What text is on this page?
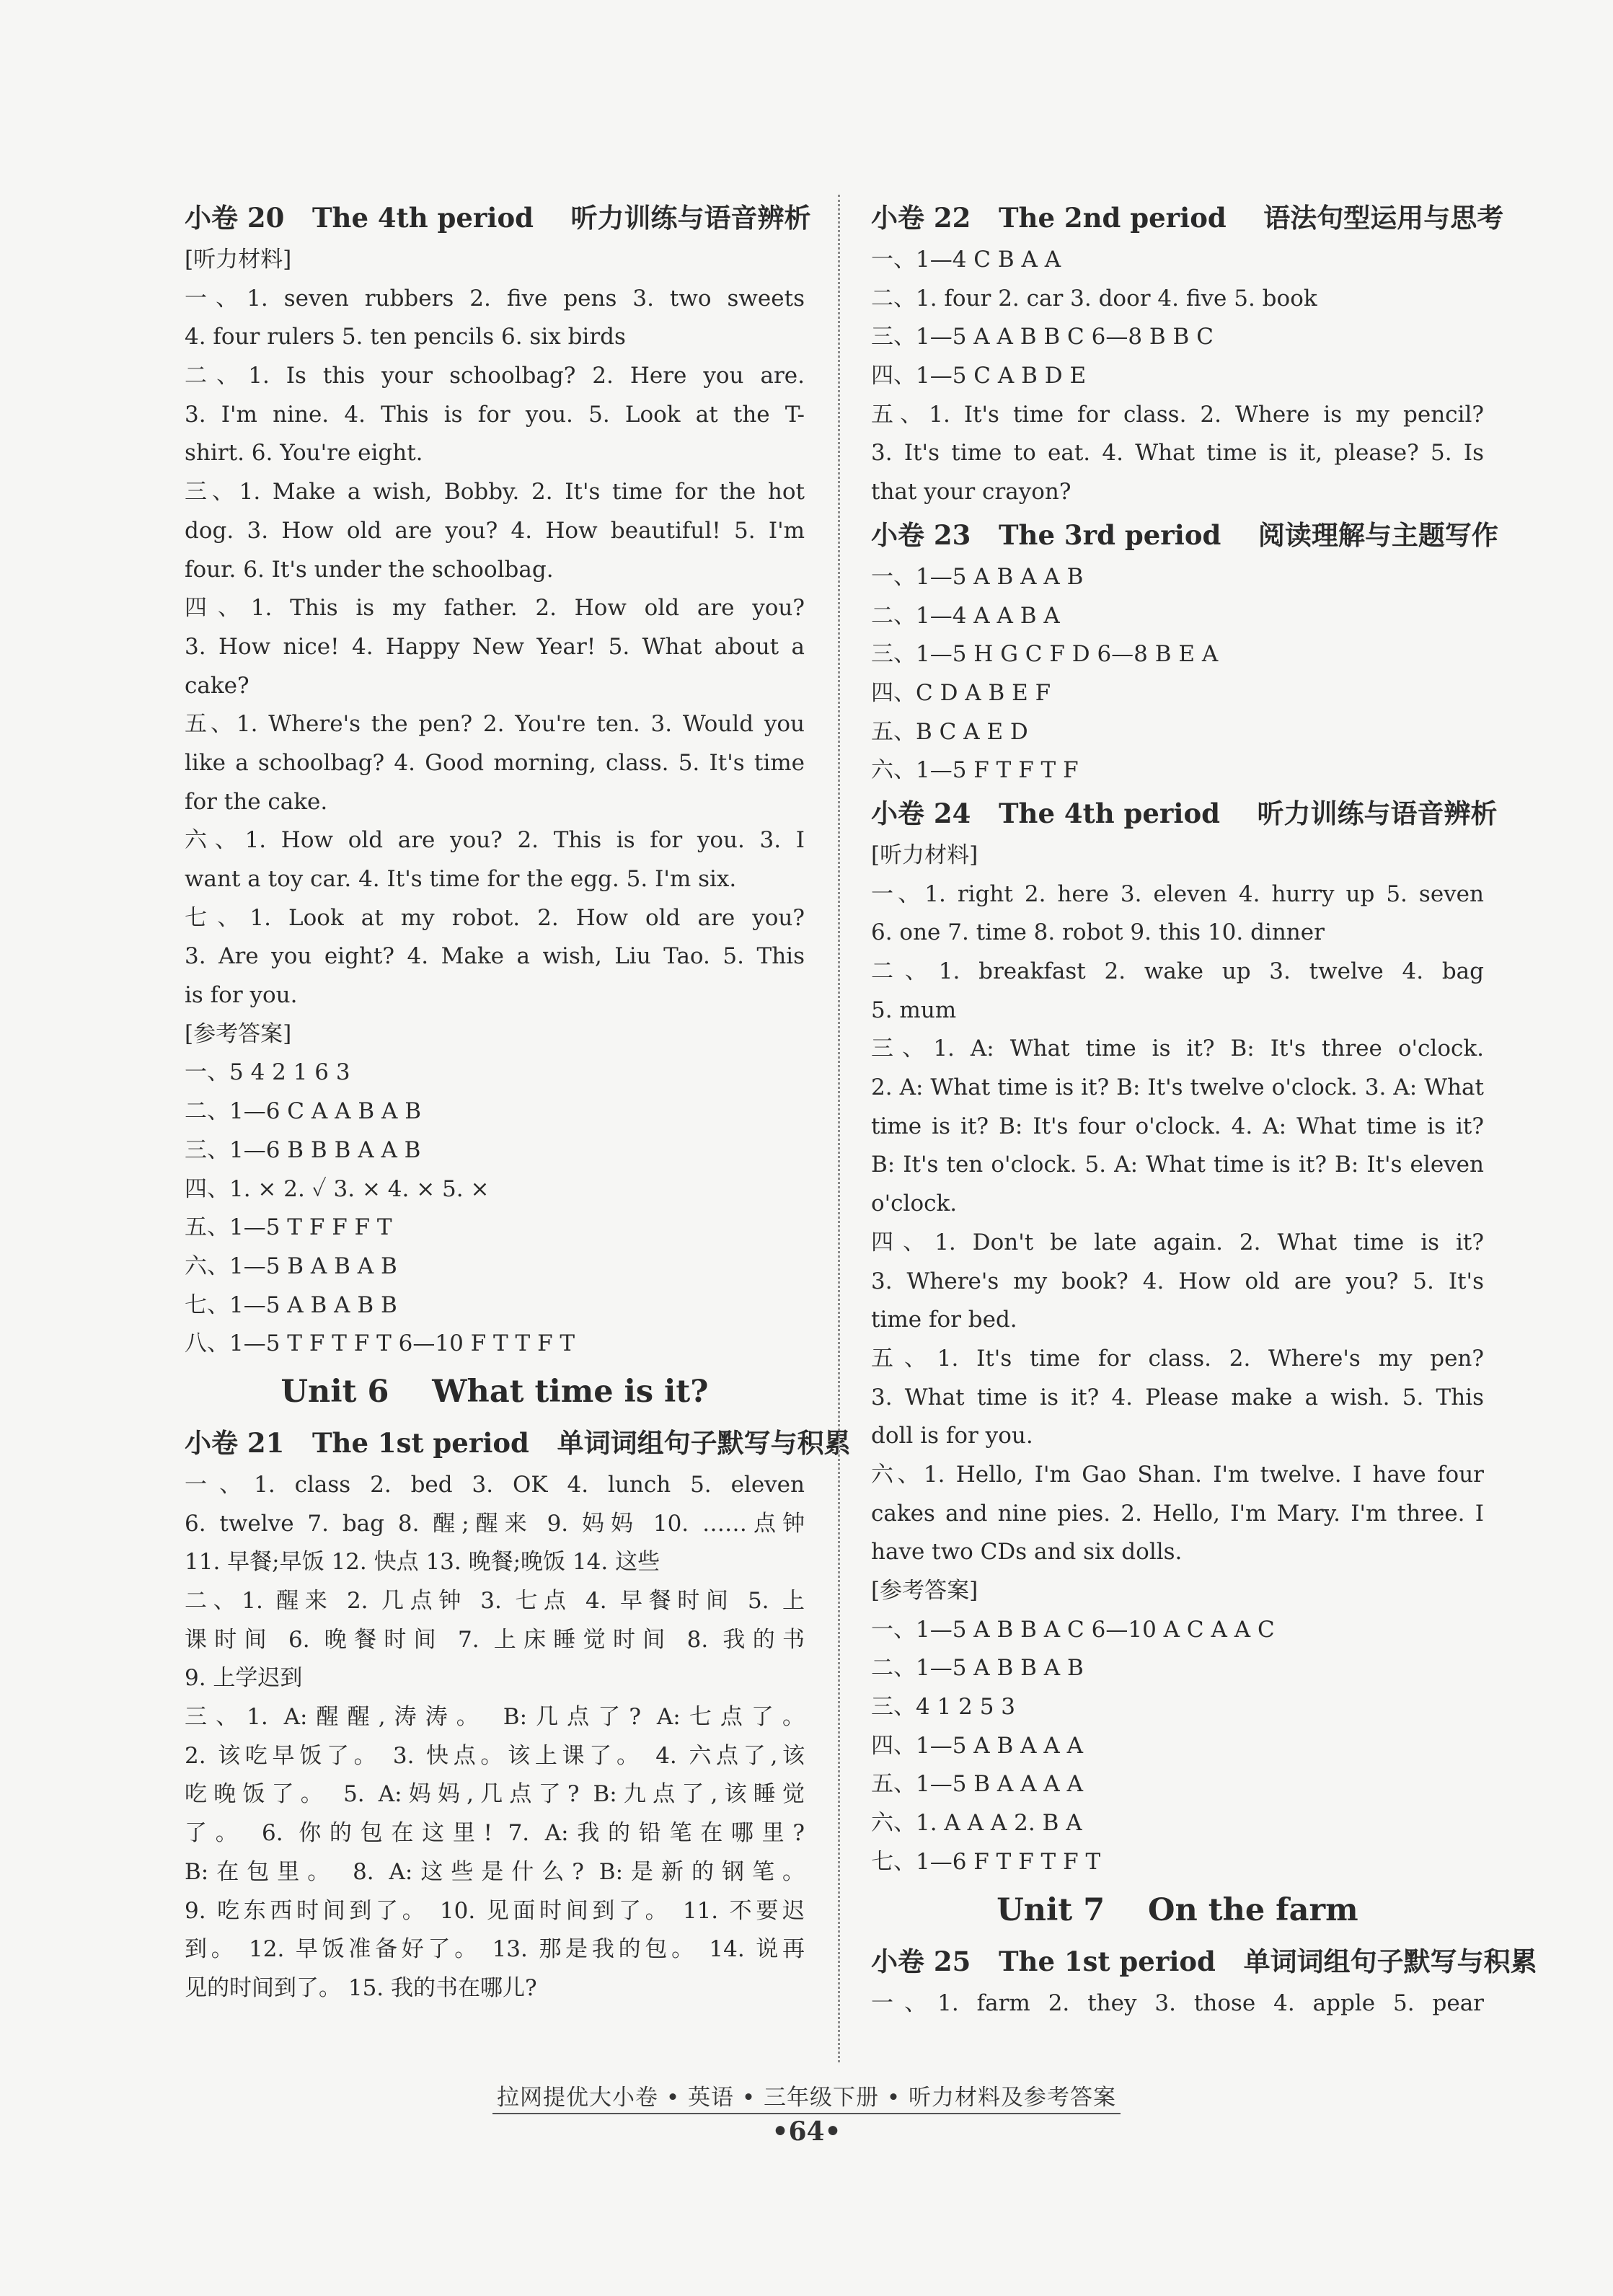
小卷 20   The 4th period    听力训练与语音辨析
[听力材料]
一、1. seven rubbers 2. five pens 3. two sweets
4. four rulers 5. ten pencils 6. six birds
二、1. Is this your schoolbag? 2. Here you are.
3. I'm nine. 4. This is for you. 5. Look at the T-
shirt. 6. You're eight.
三、1. Make a wish, Bobby. 2. It's time for the hot
dog. 3. How old are you? 4. How beautiful! 5. I'm
four. 6. It's under the schoolbag.
四、1. This is my father. 2. How old are you?
3. How nice! 4. Happy New Year! 5. What about a
cake?
五、1. Where's the pen? 2. You're ten. 3. Would you
like a schoolbag? 4. Good morning, class. 5. It's time
for the cake.
六、1. How old are you? 2. This is for you. 3. I
want a toy car. 4. It's time for the egg. 5. I'm six.
七、1. Look at my robot. 2. How old are you?
3. Are you eight? 4. Make a wish, Liu Tao. 5. This
is for you.
[参考答案]
一、5 4 2 1 6 3
二、1—6 C A A B A B
三、1—6 B B B A A B
四、1. × 2. ✓ 3. × 4. × 5. ×
五、1—5 T F F F T
六、1—5 B A B A B
七、1—5 A B A B B
八、1—5 T F T F T 6—10 F T T F T
Unit 6    What time is it?
小卷 21   The 1st period   单词词组句子默写与积累
一、1. class 2. bed 3. OK 4. lunch 5. eleven
6. twelve 7. bag 8. 醒;醒来 9. 妈妈 10. ……点钟
11. 早餐;早饭 12. 快点 13. 晚餐;晚饭 14. 这些
二、1. 醒来 2. 几点钟 3. 七点 4. 早餐时间 5. 上
课时间 6. 晚餐时间 7. 上床睡觉时间 8. 我的书
9. 上学迟到
三、1. A:醒醒,涛涛。 B:几点了? A:七点了。
2. 该吃早饭了。 3. 快点。该上课了。 4. 六点了,该
吃晚饭了。 5. A:妈妈,几点了? B:九点了,该睡觉
了。 6. 你的包在这里! 7. A:我的铅笔在哪里?
B:在包里。 8. A:这些是什么? B:是新的钢笔。
9. 吃东西时间到了。 10. 见面时间到了。 11. 不要迟
到。 12. 早饭准备好了。 13. 那是我的包。 14. 说再
见的时间到了。 15. 我的书在哪儿?
小卷 22   The 2nd period    语法句型运用与思考
一、1—4 C B A A
二、1. four 2. car 3. door 4. five 5. book
三、1—5 A A B B C 6—8 B B C
四、1—5 C A B D E
五、1. It's time for class. 2. Where is my pencil?
3. It's time to eat. 4. What time is it, please? 5. Is
that your crayon?
小卷 23   The 3rd period    阅读理解与主题写作
一、1—5 A B A A B
二、1—4 A A B A
三、1—5 H G C F D 6—8 B E A
四、C D A B E F
五、B C A E D
六、1—5 F T F T F
小卷 24   The 4th period    听力训练与语音辨析
[听力材料]
一、1. right 2. here 3. eleven 4. hurry up 5. seven
6. one 7. time 8. robot 9. this 10. dinner
二、1. breakfast 2. wake up 3. twelve 4. bag
5. mum
三、1. A: What time is it? B: It's three o'clock.
2. A: What time is it? B: It's twelve o'clock. 3. A: What
time is it? B: It's four o'clock. 4. A: What time is it?
B: It's ten o'clock. 5. A: What time is it? B: It's eleven
o'clock.
四、1. Don't be late again. 2. What time is it?
3. Where's my book? 4. How old are you? 5. It's
time for bed.
五、1. It's time for class. 2. Where's my pen?
3. What time is it? 4. Please make a wish. 5. This
doll is for you.
六、1. Hello, I'm Gao Shan. I'm twelve. I have four
cakes and nine pies. 2. Hello, I'm Mary. I'm three. I
have two CDs and six dolls.
[参考答案]
一、1—5 A B B A C 6—10 A C A A C
二、1—5 A B B A B
三、4 1 2 5 3
四、1—5 A B A A A
五、1—5 B A A A A
六、1. A A A 2. B A
七、1—6 F T F T F T
Unit 7    On the farm
小卷 25   The 1st period   单词词组句子默写与积累
一、1. farm 2. they 3. those 4. apple 5. pear
拉网提优大小卷 • 英语 • 三年级下册 • 听力材料及参考答案
•64•
